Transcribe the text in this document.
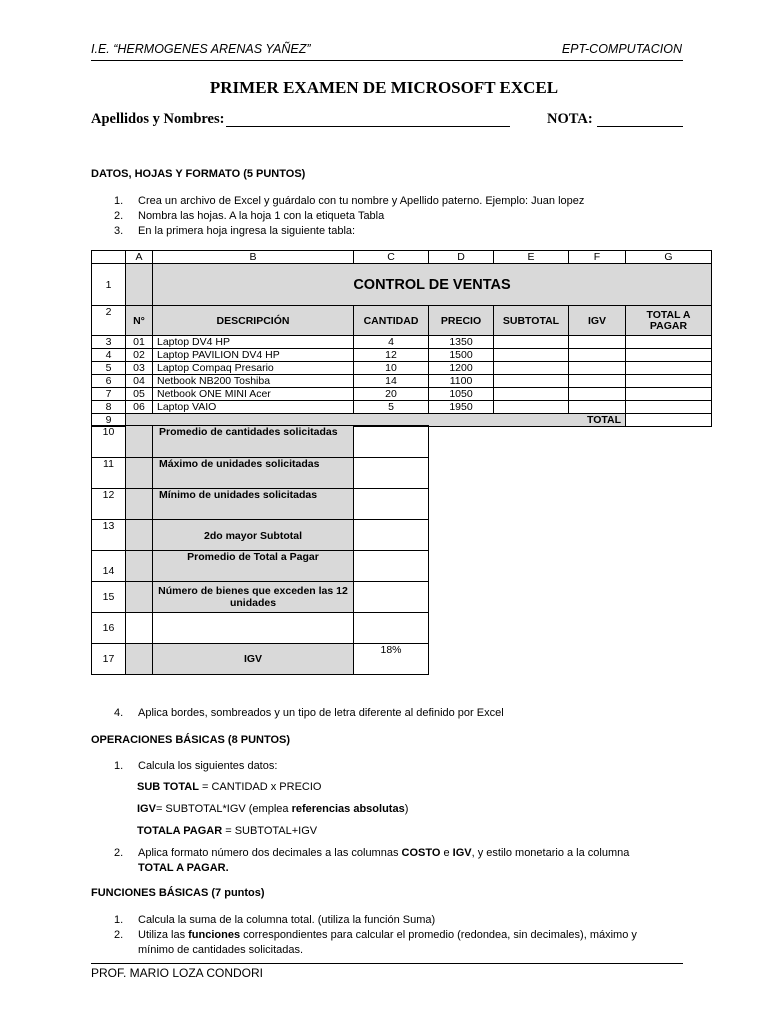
I.E. “HERMOGENES ARENAS YAÑEZ”	EPT-COMPUTACION
PRIMER EXAMEN DE MICROSOFT EXCEL
Apellidos y Nombres:	NOTA:
DATOS, HOJAS Y FORMATO (5 PUNTOS)
1. Crea un archivo de Excel y guárdalo con tu nombre y Apellido paterno. Ejemplo: Juan lopez
2. Nombra las hojas. A la hoja 1 con la etiqueta Tabla
3. En la primera hoja ingresa la siguiente tabla:
	A	B	C	D	E	F	G
1		CONTROL DE VENTAS					
2	N°	DESCRIPCIÓN	CANTIDAD	PRECIO	SUBTOTAL	IGV	TOTAL A PAGAR
3	01	Laptop DV4 HP	4	1350			
4	02	Laptop PAVILION DV4 HP	12	1500			
5	03	Laptop Compaq Presario	10	1200			
6	04	Netbook NB200 Toshiba	14	1100			
7	05	Netbook ONE MINI Acer	20	1050			
8	06	Laptop VAIO	5	1950			
9	TOTAL						
10		Promedio de cantidades solicitadas	
11		Máximo de unidades solicitadas	
12		Mínimo de unidades solicitadas	
13		2do mayor Subtotal	
14		Promedio de Total a Pagar	
15		Número de bienes que exceden las 12 unidades	
16			
17		IGV	18%
4. Aplica bordes, sombreados y un tipo de letra diferente al definido por Excel
OPERACIONES BÁSICAS (8 PUNTOS)
1. Calcula los siguientes datos:
SUB TOTAL = CANTIDAD x PRECIO
IGV= SUBTOTAL*IGV (emplea referencias absolutas)
TOTALA PAGAR = SUBTOTAL+IGV
2. Aplica formato número dos decimales a las columnas COSTO e IGV, y estilo monetario a la columna
TOTAL A PAGAR.
FUNCIONES BÁSICAS (7 puntos)
1. Calcula la suma de la columna total. (utiliza la función Suma)
2. Utiliza las funciones correspondientes para calcular el promedio (redondea, sin decimales), máximo y
mínimo de cantidades solicitadas.
PROF. MARIO LOZA CONDORI
